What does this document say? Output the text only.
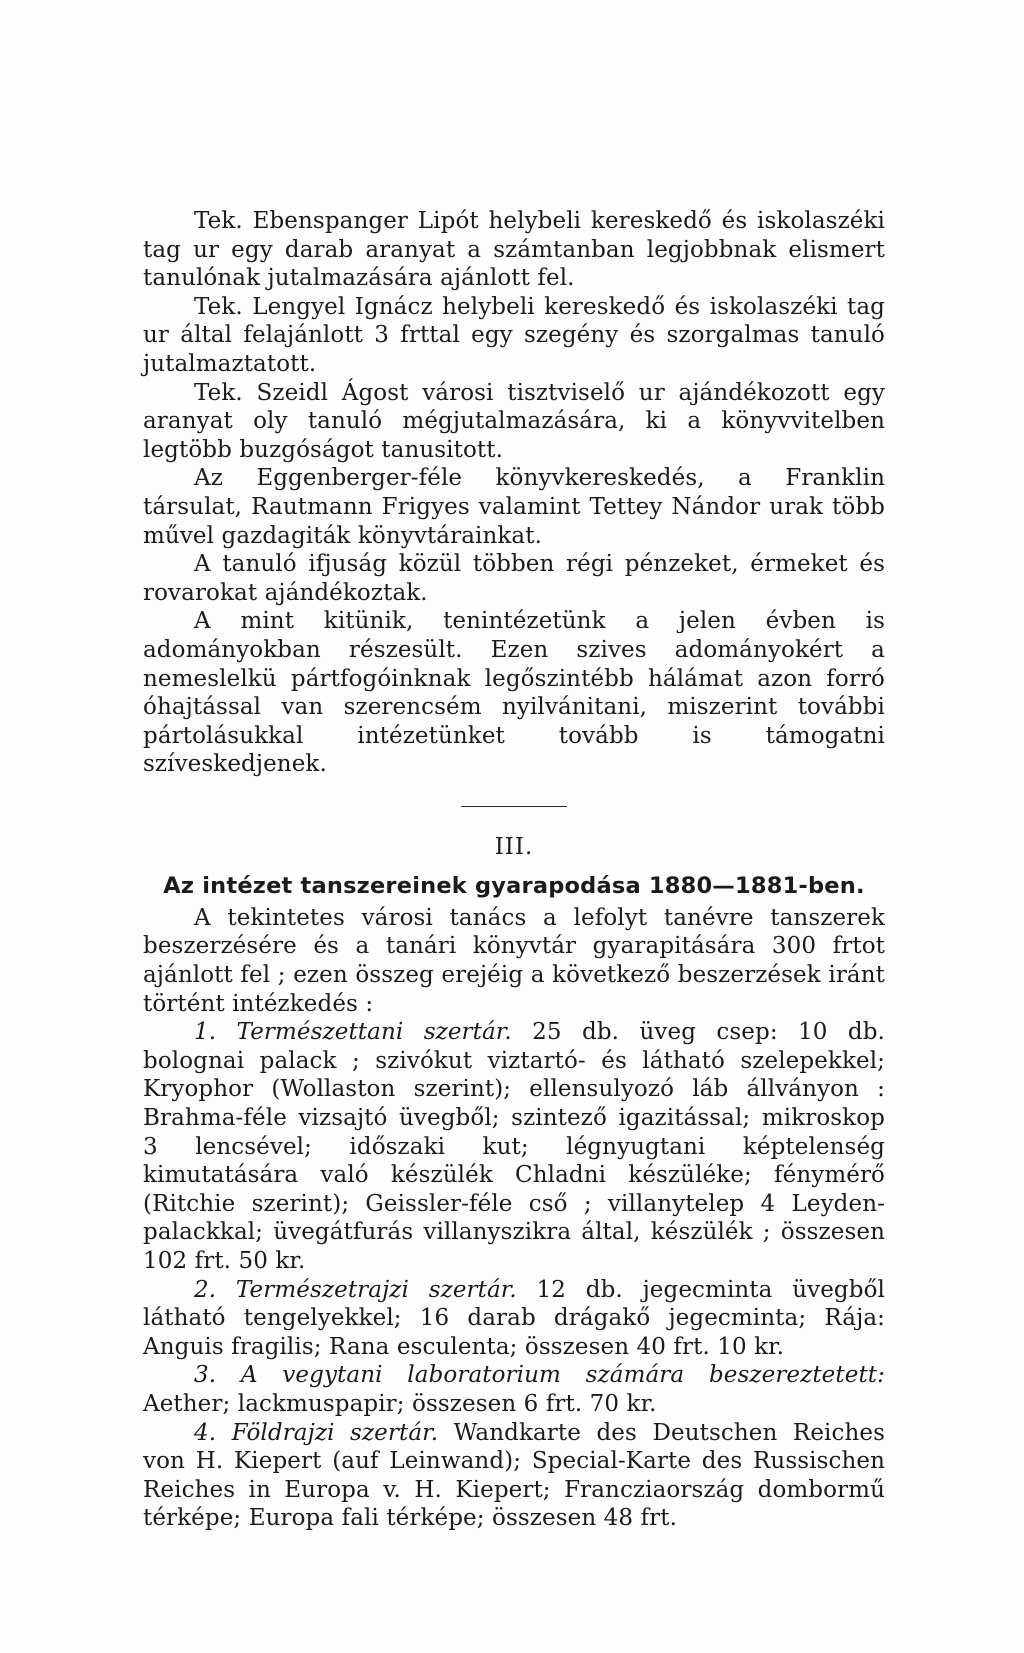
Tek. Ebenspanger Lipót helybeli kereskedő és iskolaszéki tag ur egy darab aranyat a számtanban legjobbnak elismert tanulónak jutalmazására ajánlott fel.

Tek. Lengyel Ignácz helybeli kereskedő és iskolaszéki tag ur által felajánlott 3 frttal egy szegény és szorgalmas tanuló jutalmaztatott.

Tek. Szeidl Ágost városi tisztviselő ur ajándékozott egy aranyat oly tanuló mégjutalmazására, ki a könyvvitelben legtöbb buzgóságot tanusitott.

Az Eggenberger-féle könyvkereskedés, a Franklin társulat, Rautmann Frigyes valamint Tettey Nándor urak több művel gazdagiták könyvtárainkat.

A tanuló ifjuság közül többen régi pénzeket, érmeket és rovarokat ajándékoztak.

A mint kitünik, tenintézetünk a jelen évben is adományokban részesült. Ezen szives adományokért a nemeslelkü pártfogóinknak legőszintébb hálámat azon forró óhajtással van szerencsém nyilvánitani, miszerint további pártolásukkal intézetünket tovább is támogatni szíveskedjenek.

III.
Az intézet tanszereinek gyarapodása 1880—1881-ben.

A tekintetes városi tanács a lefolyt tanévre tanszerek beszerzésére és a tanári könyvtár gyarapitására 300 frtot ajánlott fel ; ezen összeg erejéig a következő beszerzések iránt történt intézkedés :

1. Természettani szertár. 25 db. üveg csep: 10 db. bolognai palack ; szivókut viztartó- és látható szelepekkel; Kryophor (Wollaston szerint); ellensulyozó láb állványon : Brahma-féle vizsajtó üvegből; szintező igazitással; mikroskop 3 lencsével; időszaki kut; légnyugtani képtelenség kimutatására való készülék Chladni készüléke; fénymérő (Ritchie szerint); Geissler-féle cső ; villanytelep 4 Leyden-palackkal; üvegátfurás villanyszikra által, készülék ; összesen 102 frt. 50 kr.

2. Természetrajzi szertár. 12 db. jegecminta üvegből látható tengelyekkel; 16 darab drágakő jegecminta; Rája: Anguis fragilis; Rana esculenta; összesen 40 frt. 10 kr.

3. A vegytani laboratorium számára beszereztetett: Aether; lackmuspapir; összesen 6 frt. 70 kr.

4. Földrajzi szertár. Wandkarte des Deutschen Reiches von H. Kiepert (auf Leinwand); Special-Karte des Russischen Reiches in Europa v. H. Kiepert; Francziaország dombormű térképe; Europa fali térképe; összesen 48 frt.
